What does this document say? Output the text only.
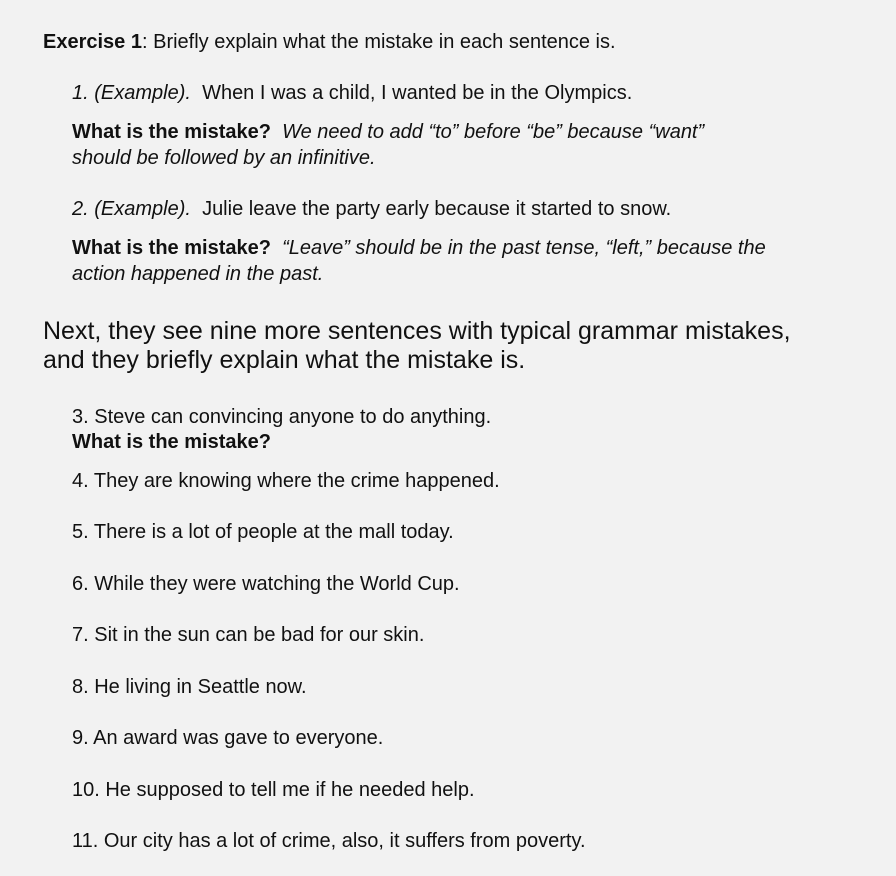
Exercise 1: Briefly explain what the mistake in each sentence is.
1. (Example). When I was a child, I wanted be in the Olympics.
What is the mistake? We need to add “to” before “be” because “want”
should be followed by an infinitive.
2. (Example). Julie leave the party early because it started to snow.
What is the mistake? “Leave” should be in the past tense, “left,” because the
action happened in the past.
Next, they see nine more sentences with typical grammar mistakes,
and they briefly explain what the mistake is.
3. Steve can convincing anyone to do anything.
What is the mistake?
4. They are knowing where the crime happened.
5. There is a lot of people at the mall today.
6. While they were watching the World Cup.
7. Sit in the sun can be bad for our skin.
8. He living in Seattle now.
9. An award was gave to everyone.
10. He supposed to tell me if he needed help.
11. Our city has a lot of crime, also, it suffers from poverty.
